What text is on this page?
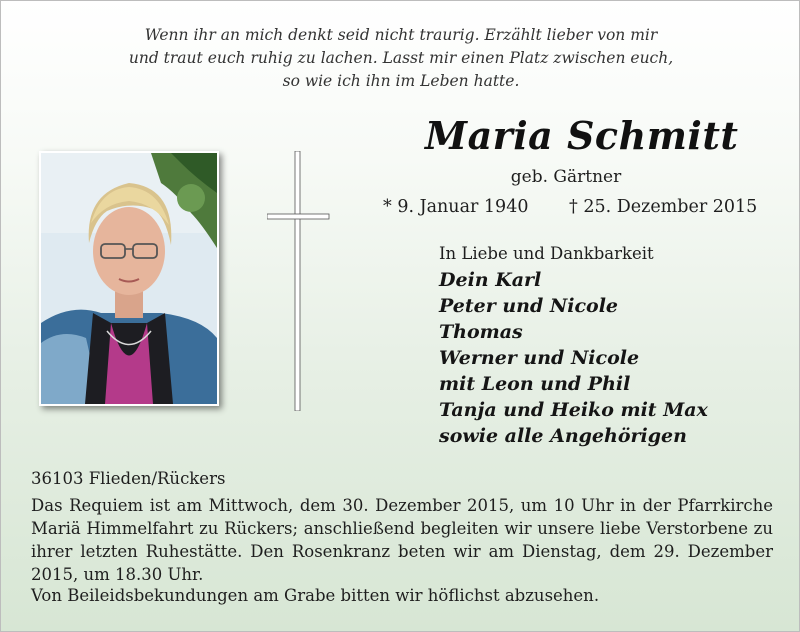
Wenn ihr an mich denkt seid nicht traurig. Erzählt lieber von mir
und traut euch ruhig zu lachen. Lasst mir einen Platz zwischen euch,
so wie ich ihn im Leben hatte.
Maria Schmitt
geb. Gärtner
* 9. Januar 1940 † 25. Dezember 2015
In Liebe und Dankbarkeit
Dein Karl
Peter und Nicole
Thomas
Werner und Nicole
mit Leon und Phil
Tanja und Heiko mit Max
sowie alle Angehörigen
36103 Flieden/Rückers

Das Requiem ist am Mittwoch, dem 30. Dezember 2015, um 10 Uhr in der Pfarrkirche Mariä Himmelfahrt zu Rückers; anschließend begleiten wir unsere liebe Verstorbene zu ihrer letzten Ruhestätte. Den Rosenkranz beten wir am Dienstag, dem 29. Dezember 2015, um 18.30 Uhr.

Von Beileidsbekundungen am Grabe bitten wir höflichst abzusehen.
